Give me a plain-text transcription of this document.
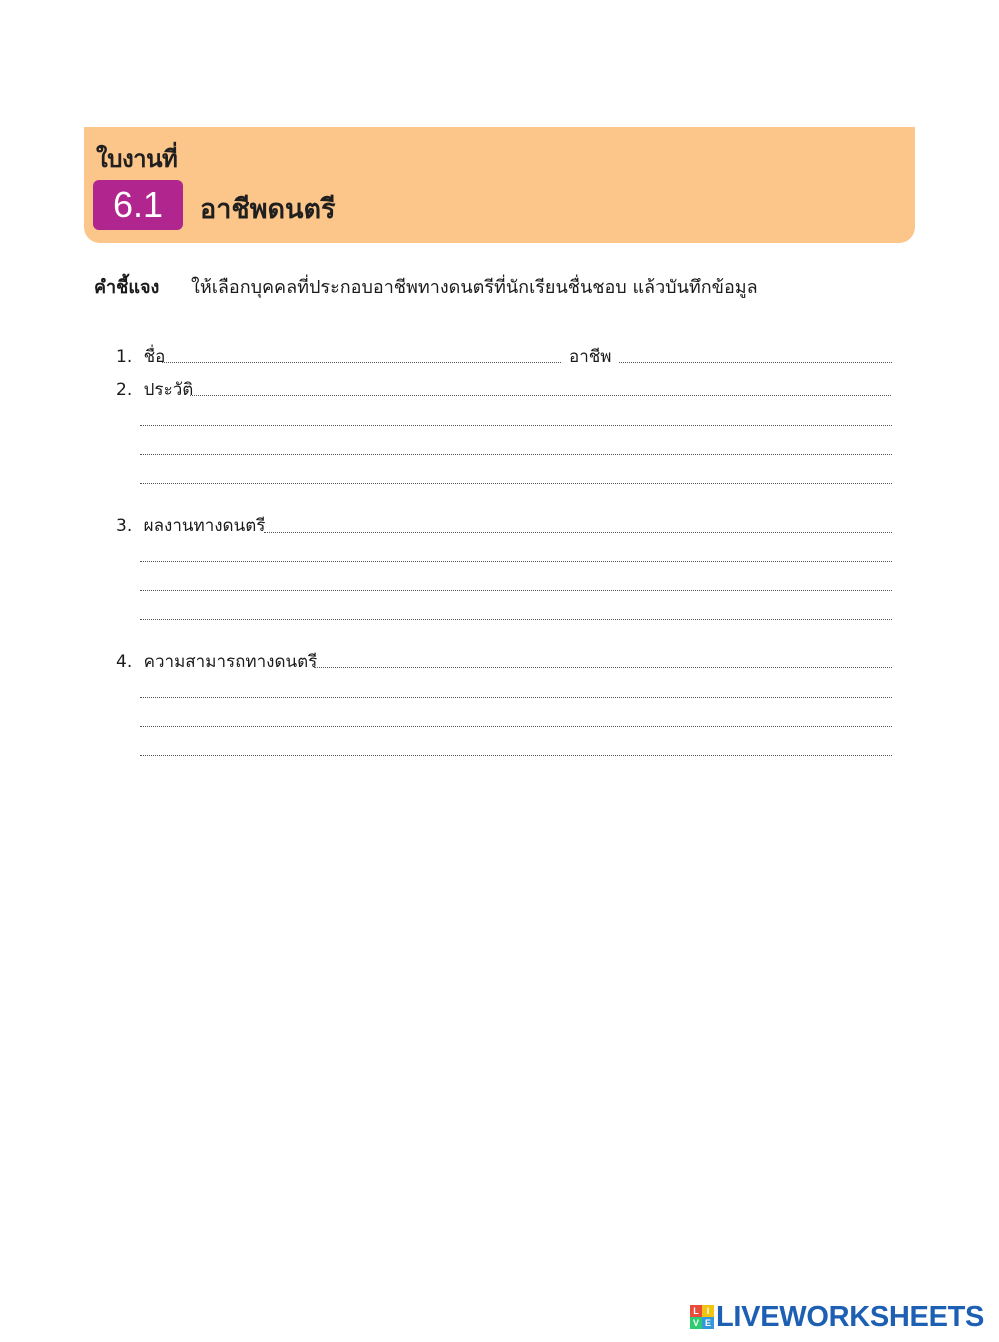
ใบงานที่
6.1	อาชีพดนตรี
คำชี้แจง ให้เลือกบุคคลที่ประกอบอาชีพทางดนตรีที่นักเรียนชื่นชอบ แล้วบันทึกข้อมูล
1. ชื่อ	อาชีพ
2. ประวัติ
3. ผลงานทางดนตรี
4. ความสามารถทางดนตรี
L I
V E LIVEWORKSHEETS
